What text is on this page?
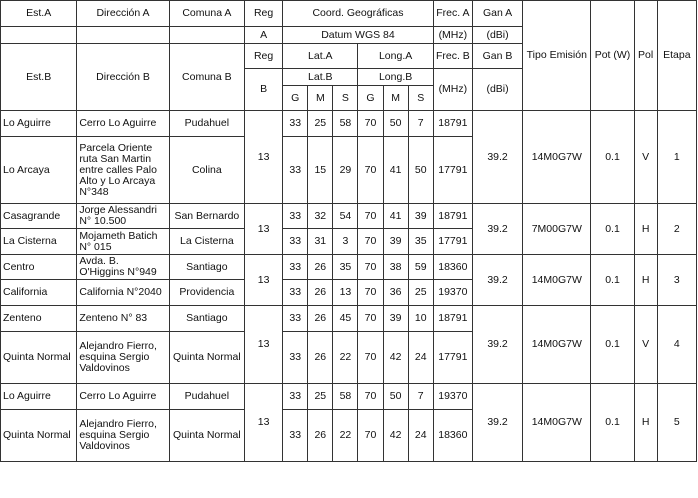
Est.A	Dirección A	Comuna A	Reg	Coord. Geográficas						Frec. A	Gan A	Tipo Emisión	Pot (W)	Pol	Etapa
			A	Datum WGS 84						(MHz)	(dBi)				
Est.B	Dirección B	Comuna B	Reg	Lat.A			Long.A			Frec. B	Gan B				
			B	Lat.B			Long.B			(MHz)	(dBi)				
				G	M	S	G	M	S						
Lo Aguirre	Cerro Lo Aguirre	Pudahuel	13	33	25	58	70	50	7	18791	39.2	14M0G7W	0.1	V	1
Lo Arcaya	Parcela Oriente ruta San Martin entre calles Palo Alto y Lo Arcaya N°348	Colina		33	15	29	70	41	50	17791					
Casagrande	Jorge Alessandri N° 10.500	San Bernardo	13	33	32	54	70	41	39	18791	39.2	7M00G7W	0.1	H	2
La Cisterna	Mojameth Batich N° 015	La Cisterna		33	31	3	70	39	35	17791					
Centro	Avda. B. O'Higgins N°949	Santiago	13	33	26	35	70	38	59	18360	39.2	14M0G7W	0.1	H	3
California	California N°2040	Providencia		33	26	13	70	36	25	19370					
Zenteno	Zenteno N° 83	Santiago	13	33	26	45	70	39	10	18791	39.2	14M0G7W	0.1	V	4
Quinta Normal	Alejandro Fierro, esquina Sergio Valdovinos	Quinta Normal		33	26	22	70	42	24	17791					
Lo Aguirre	Cerro Lo Aguirre	Pudahuel	13	33	25	58	70	50	7	19370	39.2	14M0G7W	0.1	H	5
Quinta Normal	Alejandro Fierro, esquina Sergio Valdovinos	Quinta Normal		33	26	22	70	42	24	18360					
